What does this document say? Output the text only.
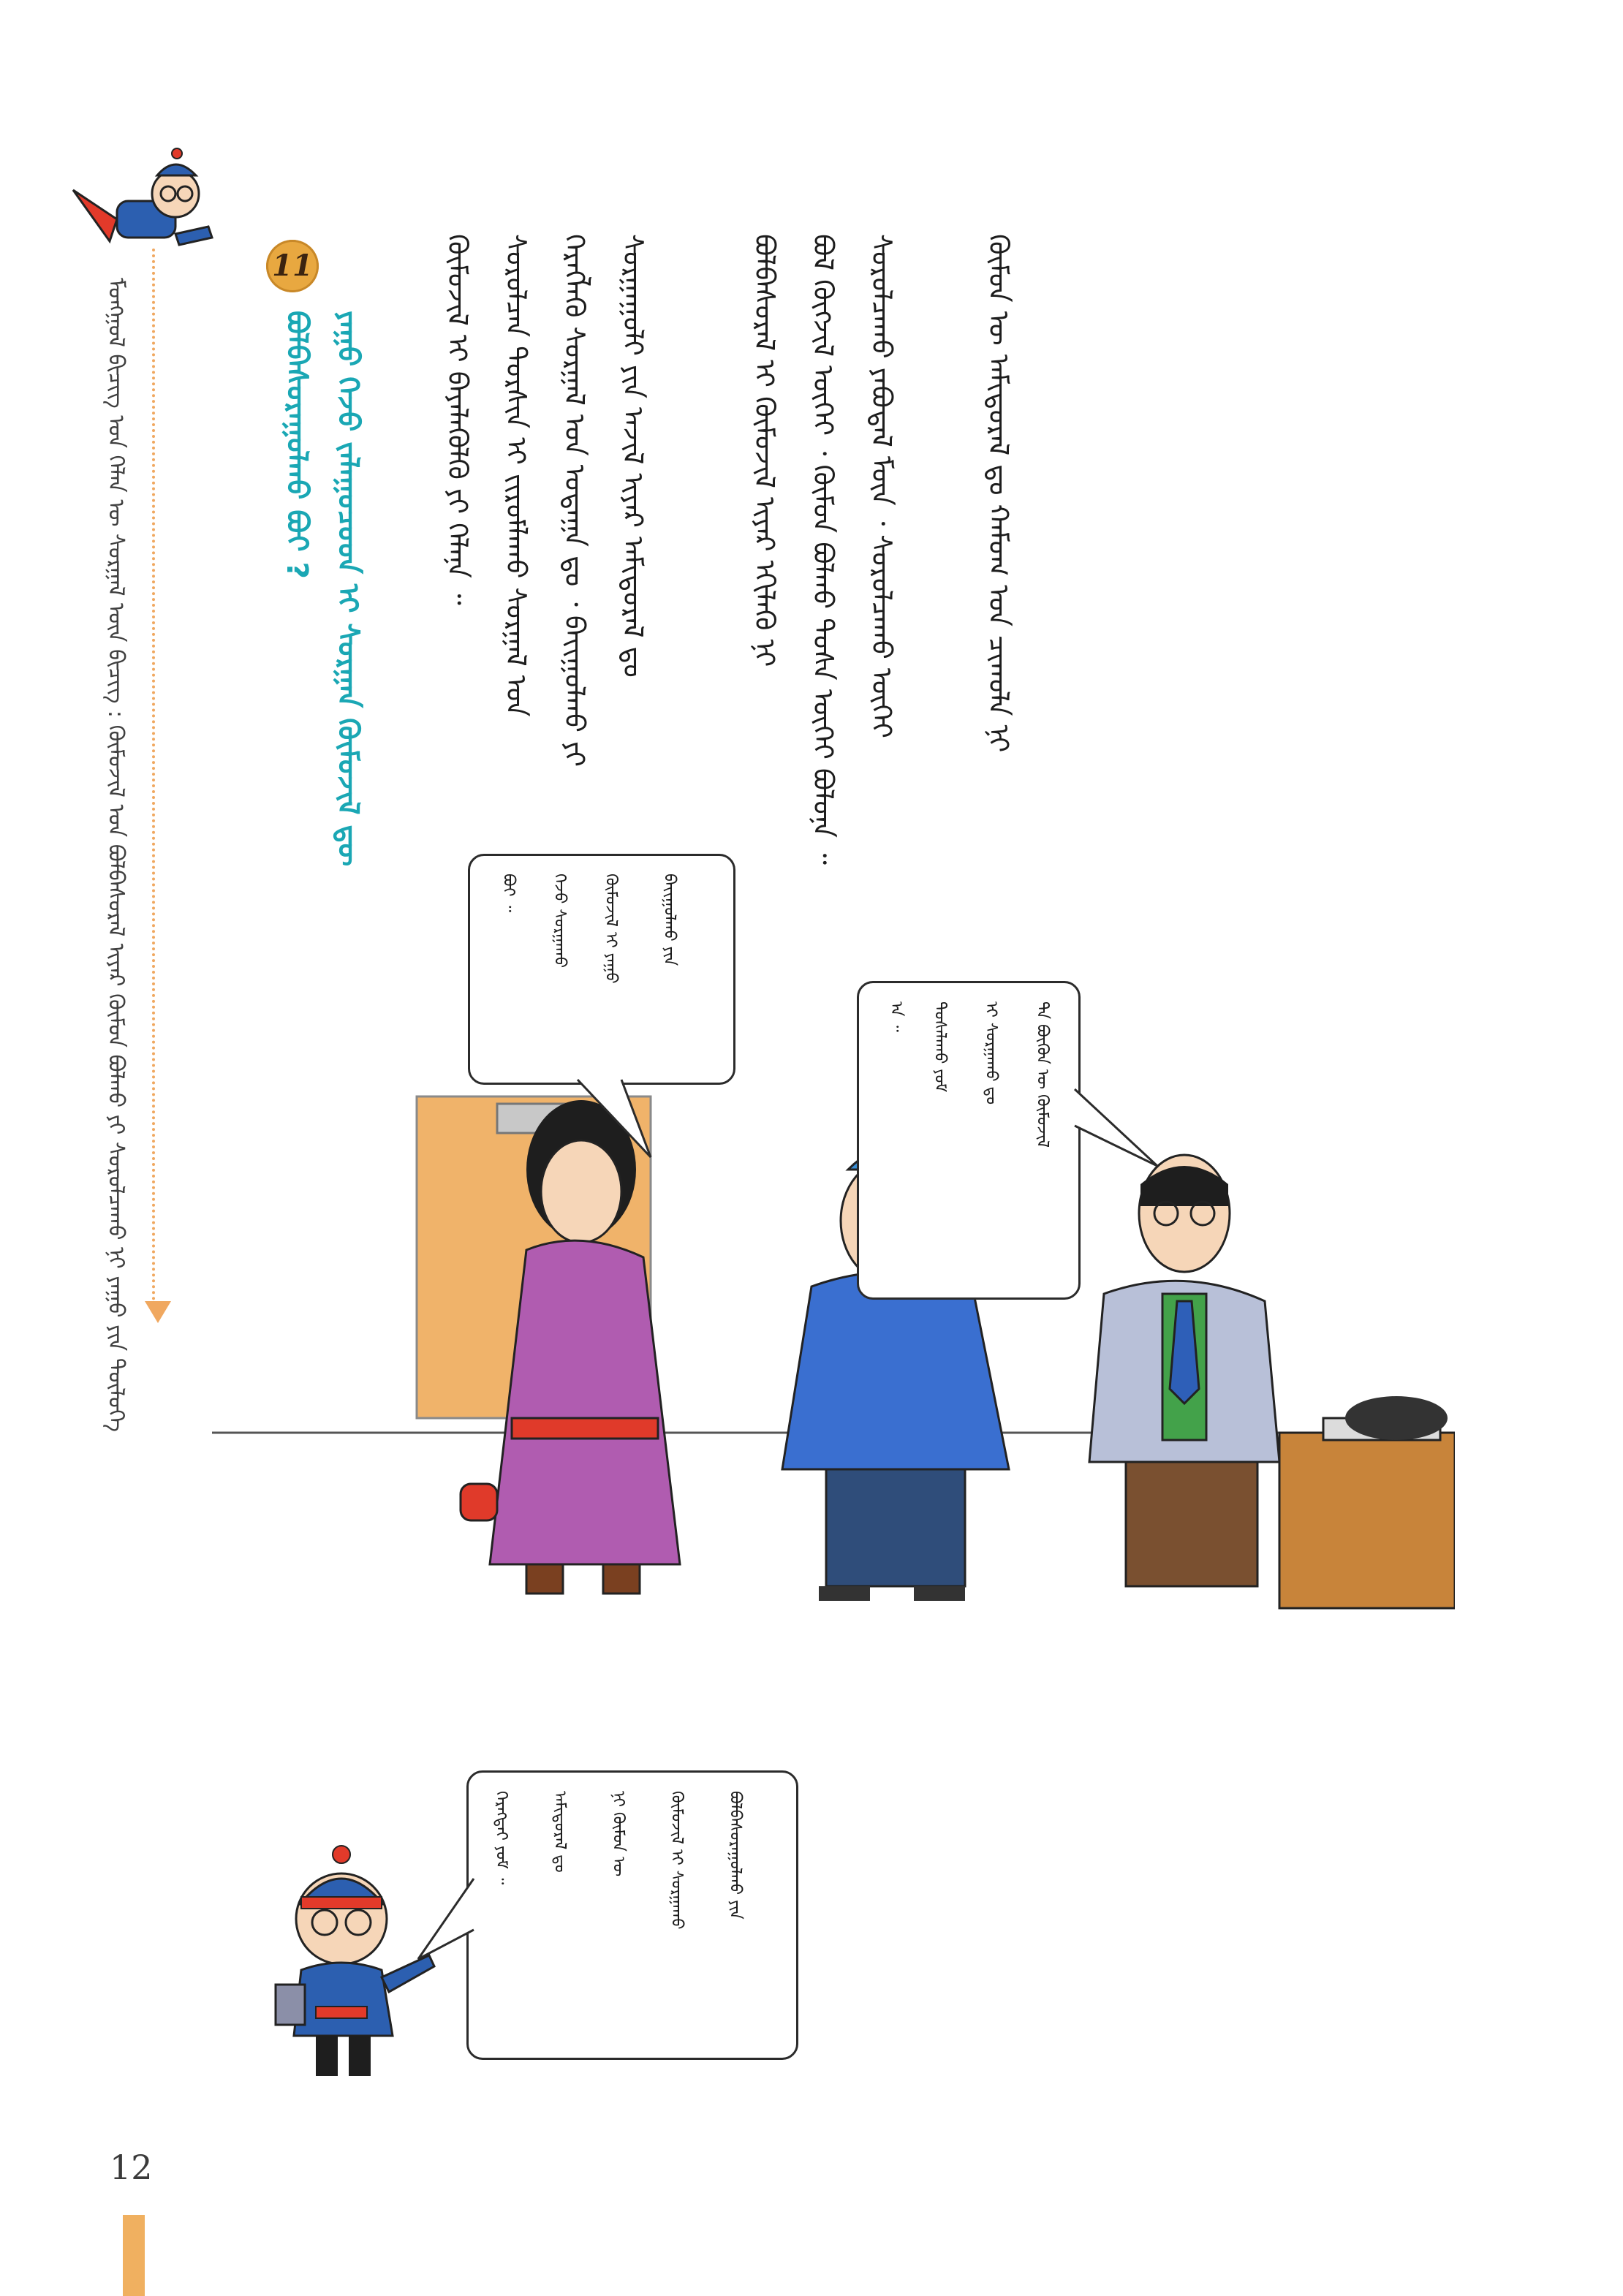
ᠮᠣᠩᠭᠣᠯ ᠪᠢᠴᠢᠭ᠌ ᠤᠨ ᠬᠡᠯᠡᠨ ᠦ ᠰᠤᠷᠭᠠᠯ ᠦᠨ ᠪᠢᠴᠢᠭ᠌ : ᠬᠦᠮᠦᠵᠢᠯ ᠤᠨ ᠪᠣᠯᠪᠠᠰᠤᠷᠠᠯ ᠢᠶᠡᠷ ᠬᠦᠮᠦᠨ ᠪᠣᠯᠬᠤ ᠶᠢ ᠰᠤᠷᠤᠯᠴᠠᠬᠤ ᠨᠢ ᠶᠠᠭᠤ ᠶᠢᠨ ᠲᠥᠯᠦᠭᠡ
11
ᠪᠣᠯᠪᠠᠰᠤᠷᠠᠭᠤᠯᠬᠤ ᠪᠤᠢ ? ᠶᠠᠭᠤ ᠭᠡᠵᠦ ᠵᠠᠯᠠᠭᠤᠴᠤᠳ ᠢ ᠰᠤᠷᠭᠠᠨ ᠬᠦᠮᠦᠵᠢᠯ ᠳᠦ	ᠬᠦᠮᠦᠵᠢᠯ ᠢ ᠪᠡᠶᠡᠯᠡᠭᠦᠯᠬᠦ ᠶᠢ ᠬᠡᠯᠡᠨᠡ ᠃ ᠰᠤᠷᠤᠯᠴᠠᠨ ᠲᠤᠷᠰᠢᠨ ᠢ ᠵᠢᠷᠤᠮᠯᠠᠬᠤ ᠰᠤᠷᠭᠠᠯ ᠤᠨ ᠬᠡᠷᠡᠭᠯᠡᠬᠦ ᠰᠤᠷᠭᠠᠯ ᠤᠨ ᠤᠳᠠᠭᠠ ᠳᠤ ᠂ ᠪᠠᠶ᠋ᠢᠭᠤᠯᠬᠤ ᠶᠢ ᠰᠤᠷᠭᠠᠭᠤᠯᠢ ᠶᠢᠨ ᠠᠵᠢᠯ ᠢᠶᠠᠷ ᠠᠮᠢᠳᠤᠷᠠᠯ ᠳᠤ	ᠪᠣᠯᠪᠠᠰᠤᠷᠠᠯ ᠢ ᠬᠦᠮᠦᠵᠢᠯ ᠢᠶᠡᠷ ᠡᠬᠢᠯᠡᠬᠦ ᠨᠢ ᠪᠣᠯ ᠬᠥᠭᠵᠢᠯ ᠦᠭᠡᠢ ᠂ ᠬᠦᠮᠦᠨ ᠪᠣᠯᠬᠤ ᠲᠤᠰᠠ ᠦᠭᠡᠢ ᠪᠣᠯᠤᠨᠠ ᠃ ᠰᠤᠷᠤᠯᠴᠠᠬᠤ ᠶᠠᠪᠤᠳᠠᠯ ᠮᠥᠨ ᠂ ᠰᠤᠷᠤᠯᠴᠠᠬᠤ ᠦᠭᠡᠢ	ᠬᠦᠮᠦᠨ ᠦ ᠠᠮᠢᠳᠤᠷᠠᠯ ᠳᠤ ᠬᠠᠮᠤᠭ ᠤᠨ ᠴᠢᠬᠤᠯᠠ ᠨᠢ
ᠪᠣᠢ ᠃ ᠭᠡᠵᠦ ᠰᠤᠷᠭᠠᠬᠤ ᠬᠦᠮᠦᠵᠢᠯ ᠢ ᠶᠠᠭᠤ	ᠪᠠᠶ᠋ᠢᠭᠤᠯᠬᠤ ᠶᠢᠨ
ᠠ ᠃ ᠲᠤᠰᠠᠯᠠᠬᠤ ᠶᠤᠮ ᠢ ᠰᠤᠷᠭᠠᠬᠤ ᠳᠤ ᠲᠠ ᠪᠦᠬᠦᠨ ᠦ ᠬᠦᠮᠦᠵᠢᠯ
ᠬᠡᠷᠡᠭᠲᠡᠢ ᠶᠤᠮ ᠃	ᠠᠮᠢᠳᠤᠷᠠᠯ ᠳᠤ	ᠨᠢ ᠬᠦᠮᠦᠨ ᠦ	ᠬᠦᠮᠦᠵᠢᠯ ᠢ ᠰᠤᠷᠭᠠᠬᠤ	ᠪᠣᠯᠪᠠᠰᠤᠷᠠᠭᠤᠯᠬᠤ ᠶᠢᠨ
12
